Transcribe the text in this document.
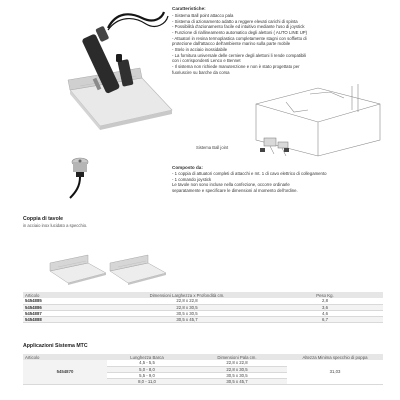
Sistema Ball joint
Caratteristiche:
- Sistema Ball point attacco pala
- Sistema di azionamento adatto a reggere elevati carichi di spinta
- Possibilità d'azionamento facile ed intuitivo mediante l'uso di joystick
- Funzione di riallineamento automatico degli alettoni ( AUTO LINE UP)
- Attuatori in resina termoplastica completamente stagni con soffietto di
protezione dall'attacco dell'ambiente marino sulla parte mobile
- Stelo in acciaio inossidabile
- La fornitura universale delle cerniere degli alettoni li rende compatibili
con i corrispondenti Lenco e Bennet
- Il sistema non richiede manutenzione e non è stato progettato per
fuoriuscire su barche da corsa
Composto da:
- 1 coppia di attuatori completi di attacchi e mt. 1 di cavo elettrico di collegamento
- 1 comando joystick
Le tavole non sono incluse nella confezione, occorre ordinarle
separatamente e specificare le dimensioni al momento dell'ordine.
Coppia di tavole
in acciaio inox lucidato a specchio.
Articolo	Dimensioni Larghezza x Profondità cm.	Peso Kg.
5454885	22,8 x 22,8	2,8
5454886	22,8 x 30,5	3,6
5454887	30,5 x 30,5	4,6
5454888	30,5 x 45,7	6,7
Applicazioni Sistema MTC
Articolo	Lunghezza Barca	Dimensioni Pala cm.	Altezza Minima specchio di poppa
5454870	4,5 - 5,5	22,8 x 22,8	31,03
	5,0 - 8,0	22,8 x 30,5	
	5,5 - 9,0	30,5 x 30,5	
	8,0 - 11,0	30,5 x 45,7	
